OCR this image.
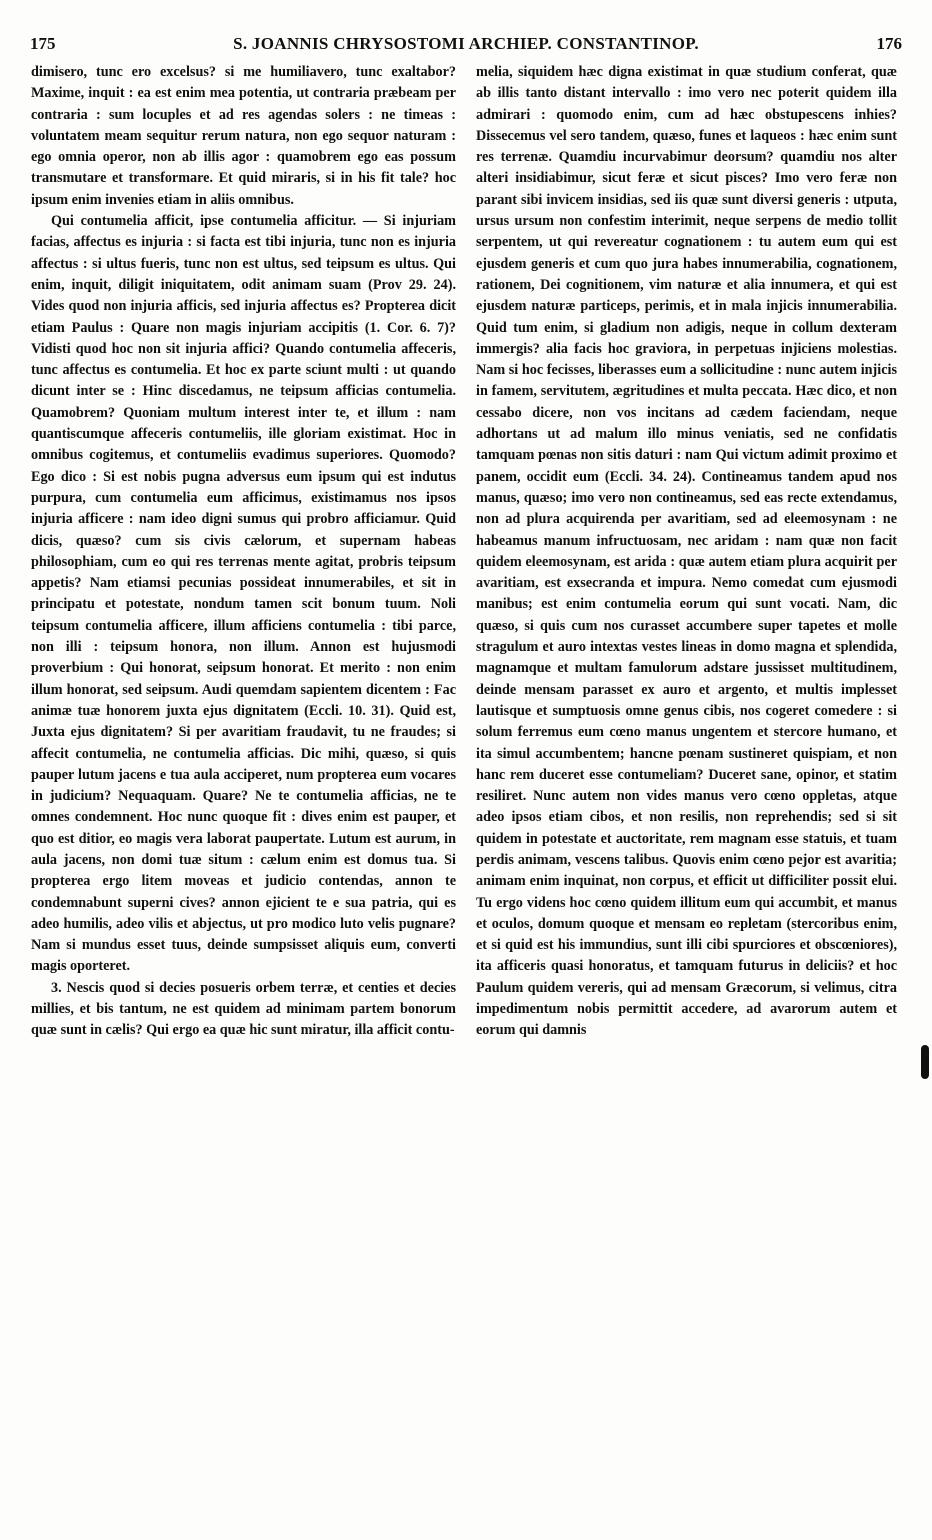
175	S. JOANNIS CHRYSOSTOMI ARCHIEP. CONSTANTINOP.	176

dimisero, tunc ero excelsus? si me humiliavero, tunc exaltabor? Maxime, inquit : ea est enim mea potentia, ut contraria præbeam per contraria : sum locuples et ad res agendas solers : ne timeas : voluntatem meam sequitur rerum natura, non ego sequor naturam : ego omnia operor, non ab illis agor : quamobrem ego eas possum transmutare et transformare. Et quid miraris, si in his fit tale? hoc ipsum enim invenies etiam in aliis omnibus.

Qui contumelia afficit, ipse contumelia afficitur. — Si injuriam facias, affectus es injuria : si facta est tibi injuria, tunc non es injuria affectus : si ultus fueris, tunc non est ultus, sed teipsum es ultus. Qui enim, inquit, diligit iniquitatem, odit animam suam (Prov 29. 24). Vides quod non injuria afficis, sed injuria affectus es? Propterea dicit etiam Paulus : Quare non magis injuriam accipitis (1. Cor. 6. 7)? Vidisti quod hoc non sit injuria affici? Quando contumelia affeceris, tunc affectus es contumelia. Et hoc ex parte sciunt multi : ut quando dicunt inter se : Hinc discedamus, ne teipsum afficias contumelia. Quamobrem? Quoniam multum interest inter te, et illum : nam quantiscumque affeceris contumeliis, ille gloriam existimat. Hoc in omnibus cogitemus, et contumeliis evadimus superiores. Quomodo? Ego dico : Si est nobis pugna adversus eum ipsum qui est indutus purpura, cum contumelia eum afficimus, existimamus nos ipsos injuria afficere : nam ideo digni sumus qui probro afficiamur. Quid dicis, quæso? cum sis civis cælorum, et supernam habeas philosophiam, cum eo qui res terrenas mente agitat, probris teipsum appetis? Nam etiamsi pecunias possideat innumerabiles, et sit in principatu et potestate, nondum tamen scit bonum tuum. Noli teipsum contumelia afficere, illum afficiens contumelia : tibi parce, non illi : teipsum honora, non illum. Annon est hujusmodi proverbium : Qui honorat, seipsum honorat. Et merito : non enim illum honorat, sed seipsum. Audi quemdam sapientem dicentem : Fac animæ tuæ honorem juxta ejus dignitatem (Eccli. 10. 31). Quid est, Juxta ejus dignitatem? Si per avaritiam fraudavit, tu ne fraudes; si affecit contumelia, ne contumelia afficias. Dic mihi, quæso, si quis pauper lutum jacens e tua aula acciperet, num propterea eum vocares in judicium? Nequaquam. Quare? Ne te contumelia afficias, ne te omnes condemnent. Hoc nunc quoque fit : dives enim est pauper, et quo est ditior, eo magis vera laborat paupertate. Lutum est aurum, in aula jacens, non domi tuæ situm : cælum enim est domus tua. Si propterea ergo litem moveas et judicio contendas, annon te condemnabunt superni cives? annon ejicient te e sua patria, qui es adeo humilis, adeo vilis et abjectus, ut pro modico luto velis pugnare? Nam si mundus esset tuus, deinde sumpsisset aliquis eum, converti magis oporteret.

3. Nescis quod si decies posueris orbem terræ, et centies et decies millies, et bis tantum, ne est quidem ad minimam partem bonorum quæ sunt in cælis? Qui ergo ea quæ hic sunt miratur, illa afficit contu-

melia, siquidem hæc digna existimat in quæ studium conferat, quæ ab illis tanto distant intervallo : imo vero nec poterit quidem illa admirari : quomodo enim, cum ad hæc obstupescens inhies? Dissecemus vel sero tandem, quæso, funes et laqueos : hæc enim sunt res terrenæ. Quamdiu incurvabimur deorsum? quamdiu nos alter alteri insidiabimur, sicut feræ et sicut pisces? Imo vero feræ non parant sibi invicem insidias, sed iis quæ sunt diversi generis : utputa, ursus ursum non confestim interimit, neque serpens de medio tollit serpentem, ut qui revereatur cognationem : tu autem eum qui est ejusdem generis et cum quo jura habes innumerabilia, cognationem, rationem, Dei cognitionem, vim naturæ et alia innumera, et qui est ejusdem naturæ particeps, perimis, et in mala injicis innumerabilia. Quid tum enim, si gladium non adigis, neque in collum dexteram immergis? alia facis hoc graviora, in perpetuas injiciens molestias. Nam si hoc fecisses, liberasses eum a sollicitudine : nunc autem injicis in famem, servitutem, ægritudines et multa peccata. Hæc dico, et non cessabo dicere, non vos incitans ad cædem faciendam, neque adhortans ut ad malum illo minus veniatis, sed ne confidatis tamquam pœnas non sitis daturi : nam Qui victum adimit proximo et panem, occidit eum (Eccli. 34. 24). Contineamus tandem apud nos manus, quæso; imo vero non contineamus, sed eas recte extendamus, non ad plura acquirenda per avaritiam, sed ad eleemosynam : ne habeamus manum infructuosam, nec aridam : nam quæ non facit quidem eleemosynam, est arida : quæ autem etiam plura acquirit per avaritiam, est exsecranda et impura. Nemo comedat cum ejusmodi manibus; est enim contumelia eorum qui sunt vocati. Nam, dic quæso, si quis cum nos curasset accumbere super tapetes et molle stragulum et auro intextas vestes lineas in domo magna et splendida, magnamque et multam famulorum adstare jussisset multitudinem, deinde mensam parasset ex auro et argento, et multis implesset lautisque et sumptuosis omne genus cibis, nos cogeret comedere : si solum ferremus eum cœno manus ungentem et stercore humano, et ita simul accumbentem; hancne pœnam sustineret quispiam, et non hanc rem duceret esse contumeliam? Duceret sane, opinor, et statim resiliret. Nunc autem non vides manus vero cœno oppletas, atque adeo ipsos etiam cibos, et non resilis, non reprehendis; sed si sit quidem in potestate et auctoritate, rem magnam esse statuis, et tuam perdis animam, vescens talibus. Quovis enim cœno pejor est avaritia; animam enim inquinat, non corpus, et efficit ut difficiliter possit elui. Tu ergo videns hoc cœno quidem illitum eum qui accumbit, et manus et oculos, domum quoque et mensam eo repletam (stercoribus enim, et si quid est his immundius, sunt illi cibi spurciores et obscœniores), ita afficeris quasi honoratus, et tamquam futurus in deliciis? et hoc Paulum quidem vereris, qui ad mensam Græcorum, si velimus, citra impedimentum nobis permittit accedere, ad avarorum autem et eorum qui damnis
